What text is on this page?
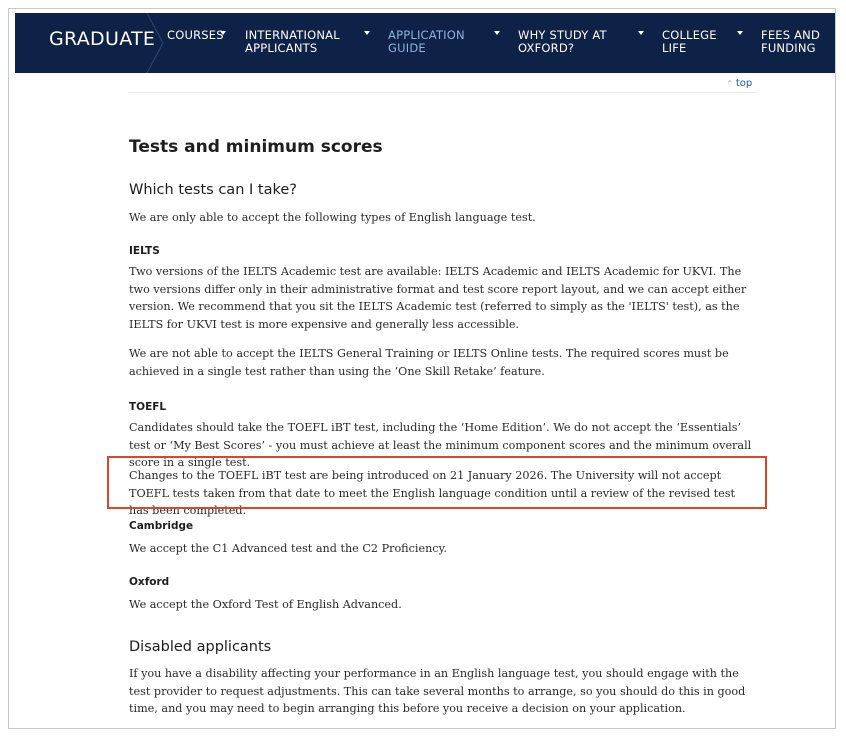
GRADUATE COURSES INTERNATIONAL
APPLICANTS
APPLICATION
GUIDE
WHY STUDY AT
OXFORD?
COLLEGE
LIFE
FEES AND
FUNDING
^ top
Tests and minimum scores
Which tests can I take?

We are only able to accept the following types of English language test.

IELTS

Two versions of the IELTS Academic test are available: IELTS Academic and IELTS Academic for UKVI. The two versions differ only in their administrative format and test score report layout, and we can accept either version. We recommend that you sit the IELTS Academic test (referred to simply as the 'IELTS' test), as the IELTS for UKVI test is more expensive and generally less accessible.

We are not able to accept the IELTS General Training or IELTS Online tests. The required scores must be achieved in a single test rather than using the ‘One Skill Retake’ feature.

TOEFL

Candidates should take the TOEFL iBT test, including the ‘Home Edition’. We do not accept the ‘Essentials’ test or ‘My Best Scores’ - you must achieve at least the minimum component scores and the minimum overall score in a single test.

Changes to the TOEFL iBT test are being introduced on 21 January 2026. The University will not accept TOEFL tests taken from that date to meet the English language condition until a review of the revised test has been completed.

Cambridge

We accept the C1 Advanced test and the C2 Proficiency.

Oxford

We accept the Oxford Test of English Advanced.

Disabled applicants

If you have a disability affecting your performance in an English language test, you should engage with the test provider to request adjustments. This can take several months to arrange, so you should do this in good time, and you may need to begin arranging this before you receive a decision on your application.
